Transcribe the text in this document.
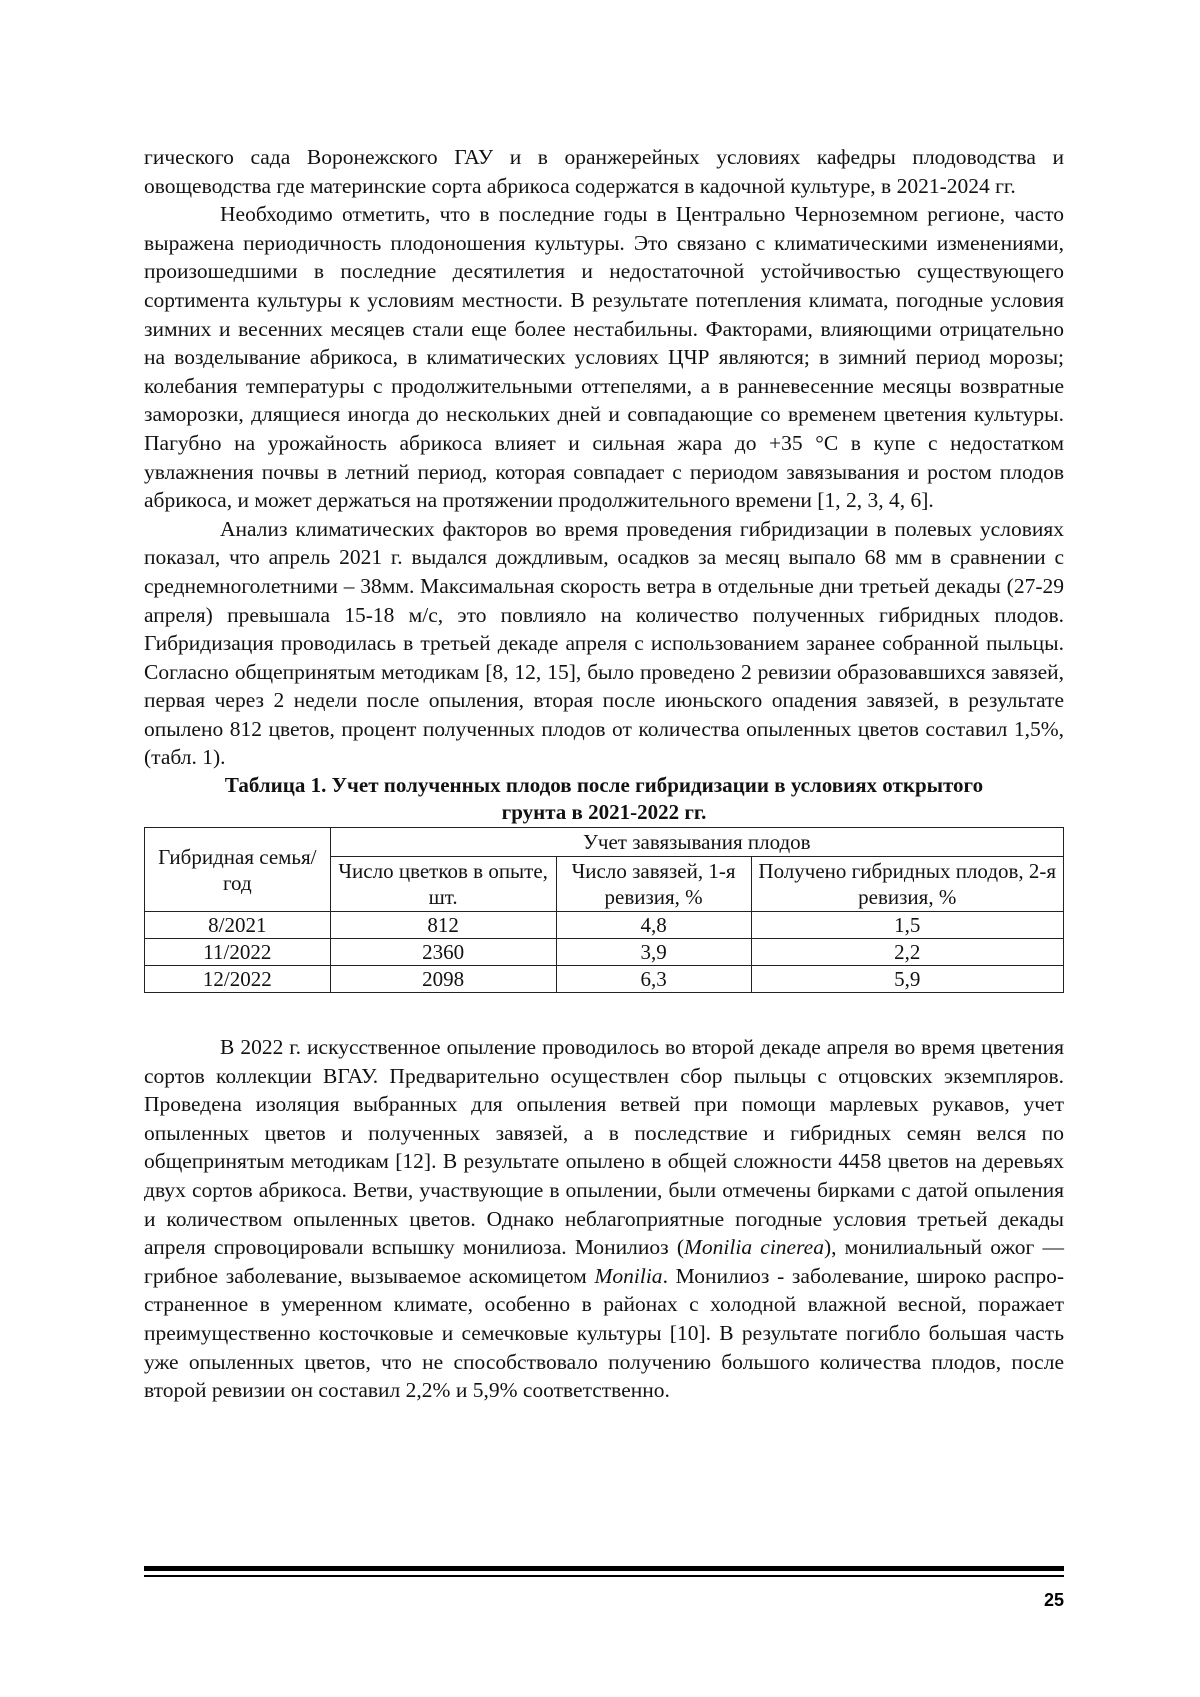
гического сада Воронежского ГАУ и в оранжерейных условиях кафедры плодоводства и овощеводства где материнские сорта абрикоса содержатся в кадочной культуре, в 2021-2024 гг.

Необходимо отметить, что в последние годы в Центрально Черноземном регионе, часто выражена периодичность плодоношения культуры. Это связано с климатическими изменениями, произошедшими в последние десятилетия и недостаточной устойчивостью существующего сортимента культуры к условиям местности. В результате потепления климата, погодные условия зимних и весенних месяцев стали еще более нестабильны. Факторами, влияющими отрицательно на возделывание абрикоса, в климатических условиях ЦЧР являются; в зимний период морозы; колебания температуры с продолжительными оттепелями, а в ранневесенние месяцы возвратные заморозки, длящиеся иногда до нескольких дней и совпадающие со временем цветения культуры. Пагубно на урожайность абрикоса влияет и сильная жара до +35 °С в купе с недостатком увлажнения почвы в летний период, которая совпадает с периодом завязывания и ростом плодов абрикоса, и может держаться на протяжении продолжительного времени [1, 2, 3, 4, 6].

Анализ климатических факторов во время проведения гибридизации в полевых условиях показал, что апрель 2021 г. выдался дождливым, осадков за месяц выпало 68 мм в сравнении с среднемноголетними – 38мм. Максимальная скорость ветра в отдельные дни третьей декады (27-29 апреля) превышала 15-18 м/с, это повлияло на количество полученных гибридных плодов. Гибридизация проводилась в третьей декаде апреля с использованием заранее собранной пыльцы. Согласно общепринятым методикам [8, 12, 15], было проведено 2 ревизии образовавшихся завязей, первая через 2 недели после опыления, вторая после июньского опадения завязей, в результате опылено 812 цветов, процент полученных плодов от количества опыленных цветов составил 1,5%, (табл. 1).

Таблица 1. Учет полученных плодов после гибридизации в условиях открытого
грунта в 2021-2022 гг.

Гибридная семья/год	Учет завязывания плодов		
	Число цветков в опыте, шт.	Число завязей, 1-я ревизия, %	Получено гибридных плодов, 2-я ревизия, %
8/2021	812	4,8	1,5
11/2022	2360	3,9	2,2
12/2022	2098	6,3	5,9

В 2022 г. искусственное опыление проводилось во второй декаде апреля во время цветения сортов коллекции ВГАУ. Предварительно осуществлен сбор пыльцы с отцовских экземпляров. Проведена изоляция выбранных для опыления ветвей при помощи марлевых рукавов, учет опыленных цветов и полученных завязей, а в последствие и гибридных семян велся по общепринятым методикам [12]. В результате опылено в общей сложности 4458 цветов на деревьях двух сортов абрикоса. Ветви, участвующие в опылении, были отмечены бирками с датой опыления и количеством опыленных цветов. Однако неблагоприятные погодные условия третьей декады апреля спровоцировали вспышку монилиоза. Монилиоз (Monilia cinerea), монилиальный ожог — грибное заболевание, вызываемое аскомицетом Monilia. Монилиоз - заболевание, широко распространенное в умеренном климате, особенно в районах с холодной влажной весной, поражает преимущественно косточковые и семечковые культуры [10]. В результате погибло большая часть уже опыленных цветов, что не способствовало получению большого количества плодов, после второй ревизии он составил 2,2% и 5,9% соответственно.

25
